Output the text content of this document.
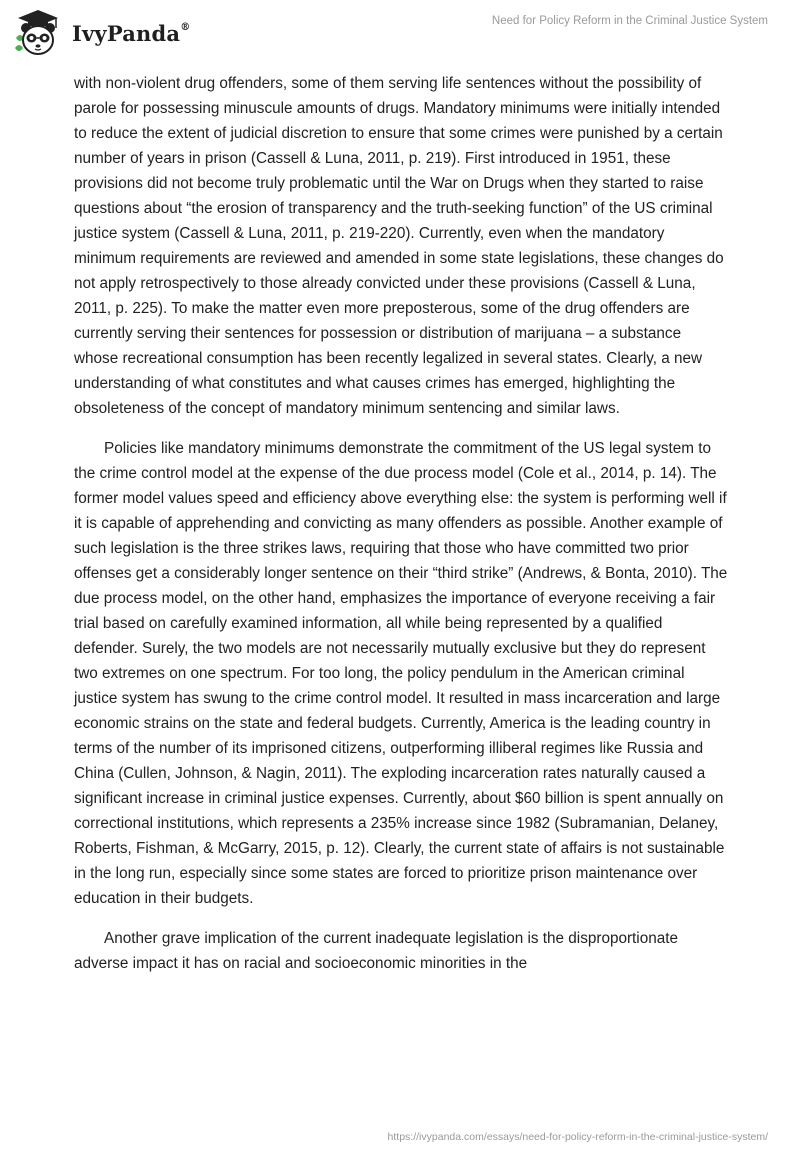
IvyPanda®	Need for Policy Reform in the Criminal Justice System

with non-violent drug offenders, some of them serving life sentences without the possibility of parole for possessing minuscule amounts of drugs. Mandatory minimums were initially intended to reduce the extent of judicial discretion to ensure that some crimes were punished by a certain number of years in prison (Cassell & Luna, 2011, p. 219). First introduced in 1951, these provisions did not become truly problematic until the War on Drugs when they started to raise questions about “the erosion of transparency and the truth-seeking function” of the US criminal justice system (Cassell & Luna, 2011, p. 219-220). Currently, even when the mandatory minimum requirements are reviewed and amended in some state legislations, these changes do not apply retrospectively to those already convicted under these provisions (Cassell & Luna, 2011, p. 225). To make the matter even more preposterous, some of the drug offenders are currently serving their sentences for possession or distribution of marijuana – a substance whose recreational consumption has been recently legalized in several states. Clearly, a new understanding of what constitutes and what causes crimes has emerged, highlighting the obsoleteness of the concept of mandatory minimum sentencing and similar laws.

Policies like mandatory minimums demonstrate the commitment of the US legal system to the crime control model at the expense of the due process model (Cole et al., 2014, p. 14). The former model values speed and efficiency above everything else: the system is performing well if it is capable of apprehending and convicting as many offenders as possible. Another example of such legislation is the three strikes laws, requiring that those who have committed two prior offenses get a considerably longer sentence on their “third strike” (Andrews, & Bonta, 2010). The due process model, on the other hand, emphasizes the importance of everyone receiving a fair trial based on carefully examined information, all while being represented by a qualified defender. Surely, the two models are not necessarily mutually exclusive but they do represent two extremes on one spectrum. For too long, the policy pendulum in the American criminal justice system has swung to the crime control model. It resulted in mass incarceration and large economic strains on the state and federal budgets. Currently, America is the leading country in terms of the number of its imprisoned citizens, outperforming illiberal regimes like Russia and China (Cullen, Johnson, & Nagin, 2011). The exploding incarceration rates naturally caused a significant increase in criminal justice expenses. Currently, about $60 billion is spent annually on correctional institutions, which represents a 235% increase since 1982 (Subramanian, Delaney, Roberts, Fishman, & McGarry, 2015, p. 12). Clearly, the current state of affairs is not sustainable in the long run, especially since some states are forced to prioritize prison maintenance over education in their budgets.

Another grave implication of the current inadequate legislation is the disproportionate adverse impact it has on racial and socioeconomic minorities in the

https://ivypanda.com/essays/need-for-policy-reform-in-the-criminal-justice-system/
